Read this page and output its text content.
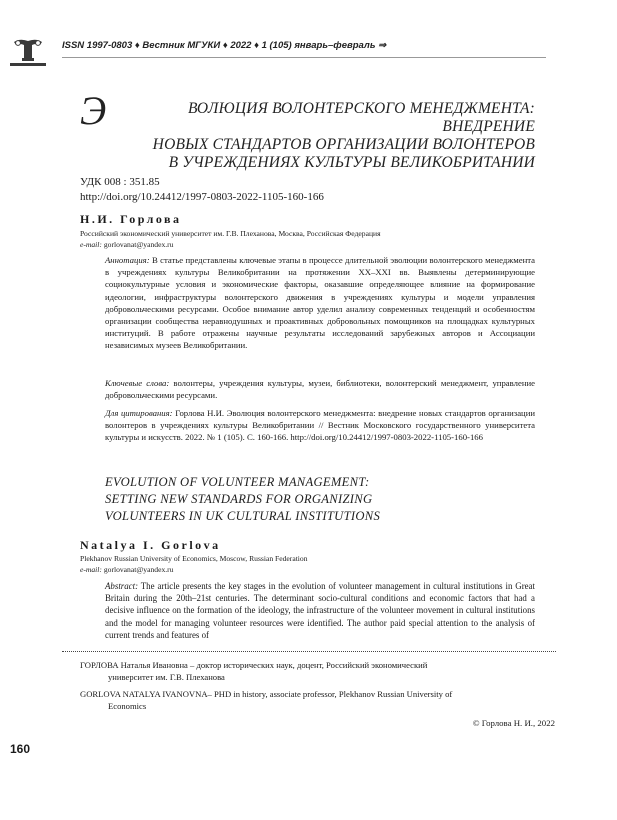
ISSN 1997-0803 ♦ Вестник МГУКИ ♦ 2022 ♦ 1 (105) январь–февраль ⇒
Э	ВОЛЮЦИЯ ВОЛОНТЕРСКОГО МЕНЕДЖМЕНТА: ВНЕДРЕНИЕ
НОВЫХ СТАНДАРТОВ ОРГАНИЗАЦИИ ВОЛОНТЕРОВ
В УЧРЕЖДЕНИЯХ КУЛЬТУРЫ ВЕЛИКОБРИТАНИИ
УДК 008 : 351.85
http://doi.org/10.24412/1997-0803-2022-1105-160-166
Н.И. Горлова
Российский экономический университет им. Г.В. Плеханова, Москва, Российская Федерация
e-mail: gorlovanat@yandex.ru
Аннотация: В статье представлены ключевые этапы в процессе длительной эволюции волонтерского менеджмента в учреждениях культуры Великобритании на протяжении XX–XXI вв. Выявлены детерминирующие социокультурные условия и экономические факторы, оказавшие определяющее влияние на формирование идеологии, инфраструктуры волонтерского движения в учреждениях культуры и модели управления добровольческими ресурсами. Особое внимание автор уделил анализу современных тенденций и особенностям организации сообщества неравнодушных и проактивных добровольных помощников на площадках культурных институций. В работе отражены научные результаты исследований зарубежных авторов и Ассоциации независимых музеев Великобритании.
Ключевые слова: волонтеры, учреждения культуры, музеи, библиотеки, волонтерский менеджмент, управление добровольческими ресурсами.
Для цитирования: Горлова Н.И. Эволюция волонтерского менеджмента: внедрение новых стандартов организации волонтеров в учреждениях культуры Великобритании // Вестник Московского государственного университета культуры и искусств. 2022. № 1 (105). С. 160-166. http://doi.org/10.24412/1997-0803-2022-1105-160-166
EVOLUTION OF VOLUNTEER MANAGEMENT:
SETTING NEW STANDARDS FOR ORGANIZING
VOLUNTEERS IN UK CULTURAL INSTITUTIONS
Natalya I. Gorlova
Plekhanov Russian University of Economics, Moscow, Russian Federation
e-mail: gorlovanat@yandex.ru
Abstract: The article presents the key stages in the evolution of volunteer management in cultural institutions in Great Britain during the 20th–21st centuries. The determinant socio-cultural conditions and economic factors that had a decisive influence on the formation of the ideology, the infrastructure of the volunteer movement in cultural institutions and the model for managing volunteer resources were identified. The author paid special attention to the analysis of current trends and features of
ГОРЛОВА Наталья Ивановна – доктор исторических наук, доцент, Российский экономический
университет им. Г.В. Плеханова
GORLOVA NATALYA IVANOVNA– PHD in history, associate professor, Plekhanov Russian University of
Economics
© Горлова Н. И., 2022
160
